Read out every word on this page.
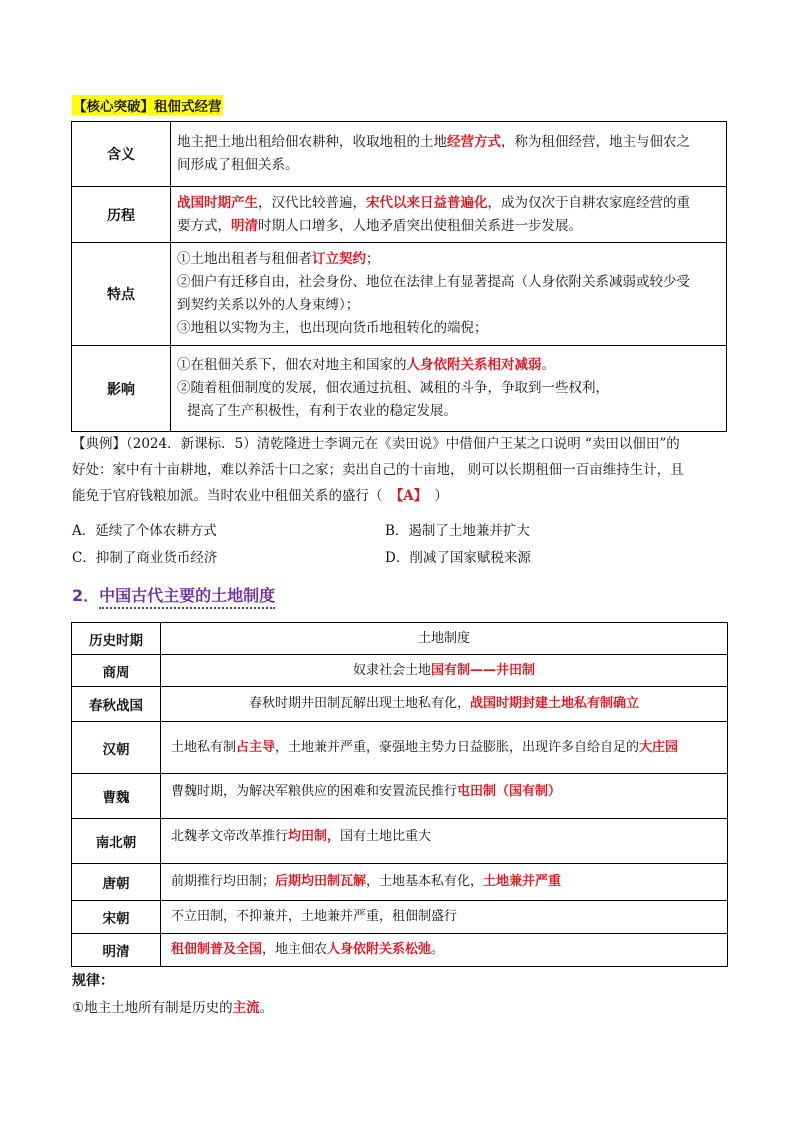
【核心突破】租佃式经营
含义	地主把土地出租给佃农耕种，收取地租的土地经营方式，称为租佃经营，地主与佃农之

间形成了租佃关系。

历程	战国时期产生，汉代比较普遍，宋代以来日益普遍化，成为仅次于自耕农家庭经营的重

要方式，明清时期人口增多，人地矛盾突出使租佃关系进一步发展。

特点	①土地出租者与租佃者订立契约；

②佃户有迁移自由，社会身份、地位在法律上有显著提高（人身依附关系减弱或较少受

到契约关系以外的人身束缚）；

③地租以实物为主，也出现向货币地租转化的端倪；

影响	①在租佃关系下，佃农对地主和国家的人身依附关系相对减弱。

②随着租佃制度的发展，佃农通过抗租、减租的斗争，争取到一些权利，

提高了生产积极性，有利于农业的稳定发展。

【典例】（2024．新课标．5）清乾隆进士李调元在《卖田说》中借佃户王某之口说明 “卖田以佃田”的

好处：家中有十亩耕地，难以养活十口之家；卖出自己的十亩地， 则可以长期租佃一百亩维持生计，且

能免于官府钱粮加派。当时农业中租佃关系的盛行（ 【A】 ）

A．延续了个体农耕方式	B．遏制了土地兼并扩大
C．抑制了商业货币经济	D．削减了国家赋税来源
2．中国古代主要的土地制度
历史时期	土地制度
商周	奴隶社会土地国有制——井田制
春秋战国	春秋时期井田制瓦解出现土地私有化，战国时期封建土地私有制确立
汉朝	土地私有制占主导，土地兼并严重，豪强地主势力日益膨胀，出现许多自给自足的大庄园
曹魏	曹魏时期，为解决军粮供应的困难和安置流民推行屯田制（国有制）
南北朝	北魏孝文帝改革推行均田制，国有土地比重大
唐朝	前期推行均田制；后期均田制瓦解，土地基本私有化，土地兼并严重
宋朝	不立田制，不抑兼并，土地兼并严重，租佃制盛行
明清	租佃制普及全国，地主佃农人身依附关系松弛。
规律：
①地主土地所有制是历史的主流。
